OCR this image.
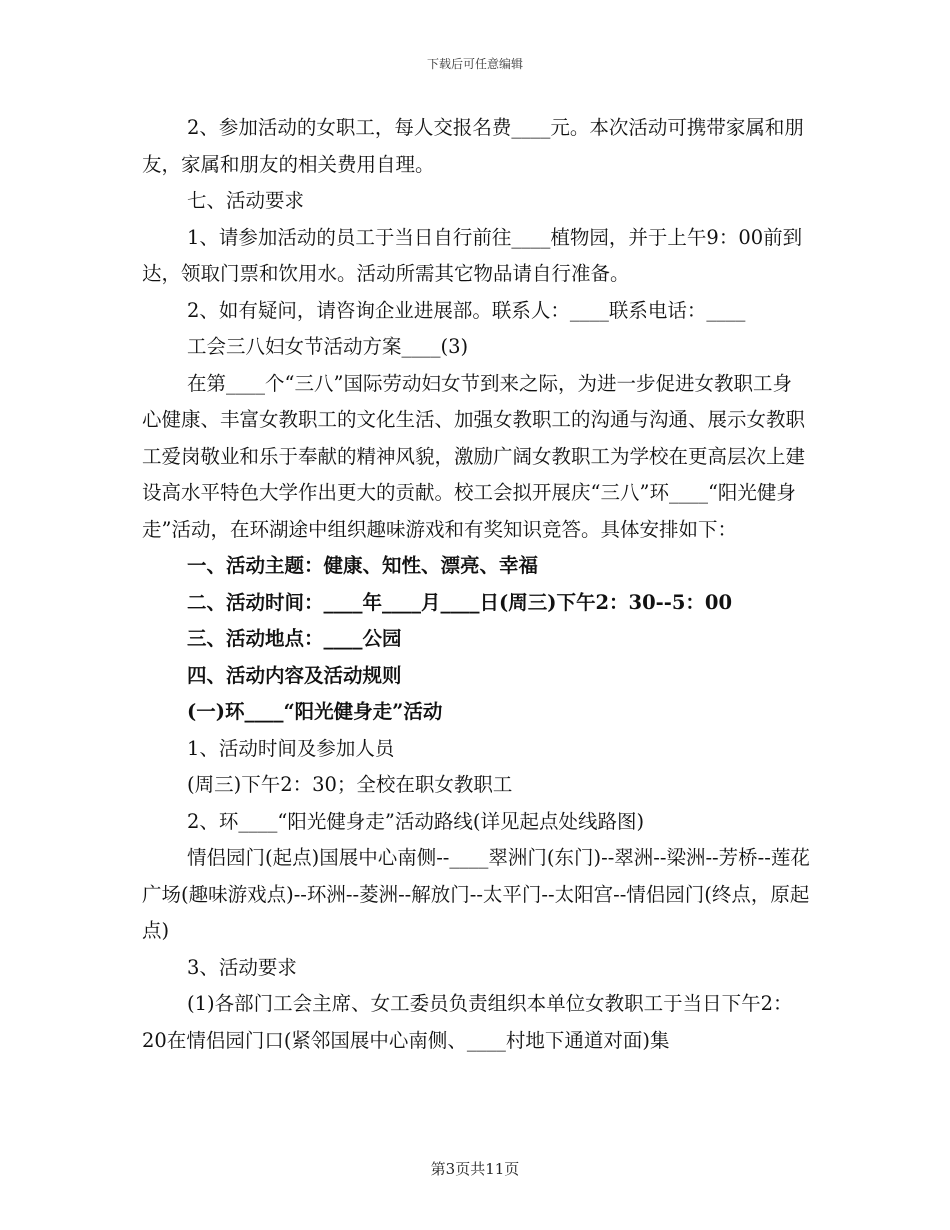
下载后可任意编辑

2、参加活动的女职工，每人交报名费____元。本次活动可携带家属和朋友，家属和朋友的相关费用自理。

七、活动要求

1、请参加活动的员工于当日自行前往____植物园，并于上午9：00前到达，领取门票和饮用水。活动所需其它物品请自行准备。

2、如有疑问，请咨询企业进展部。联系人：____联系电话：____

工会三八妇女节活动方案____(3)

在第____个“三八”国际劳动妇女节到来之际，为进一步促进女教职工身心健康、丰富女教职工的文化生活、加强女教职工的沟通与沟通、展示女教职工爱岗敬业和乐于奉献的精神风貌，激励广阔女教职工为学校在更高层次上建设高水平特色大学作出更大的贡献。校工会拟开展庆“三八”环____“阳光健身走”活动，在环湖途中组织趣味游戏和有奖知识竞答。具体安排如下：

一、活动主题：健康、知性、漂亮、幸福

二、活动时间：____年____月____日(周三)下午2：30--5：00

三、活动地点：____公园

四、活动内容及活动规则

(一)环____“阳光健身走”活动

1、活动时间及参加人员

(周三)下午2：30；全校在职女教职工

2、环____“阳光健身走”活动路线(详见起点处线路图)

情侣园门(起点)国展中心南侧--____翠洲门(东门)--翠洲--梁洲--芳桥--莲花广场(趣味游戏点)--环洲--菱洲--解放门--太平门--太阳宫--情侣园门(终点，原起点)

3、活动要求

(1)各部门工会主席、女工委员负责组织本单位女教职工于当日下午2：20在情侣园门口(紧邻国展中心南侧、____村地下通道对面)集

第3页共11页
